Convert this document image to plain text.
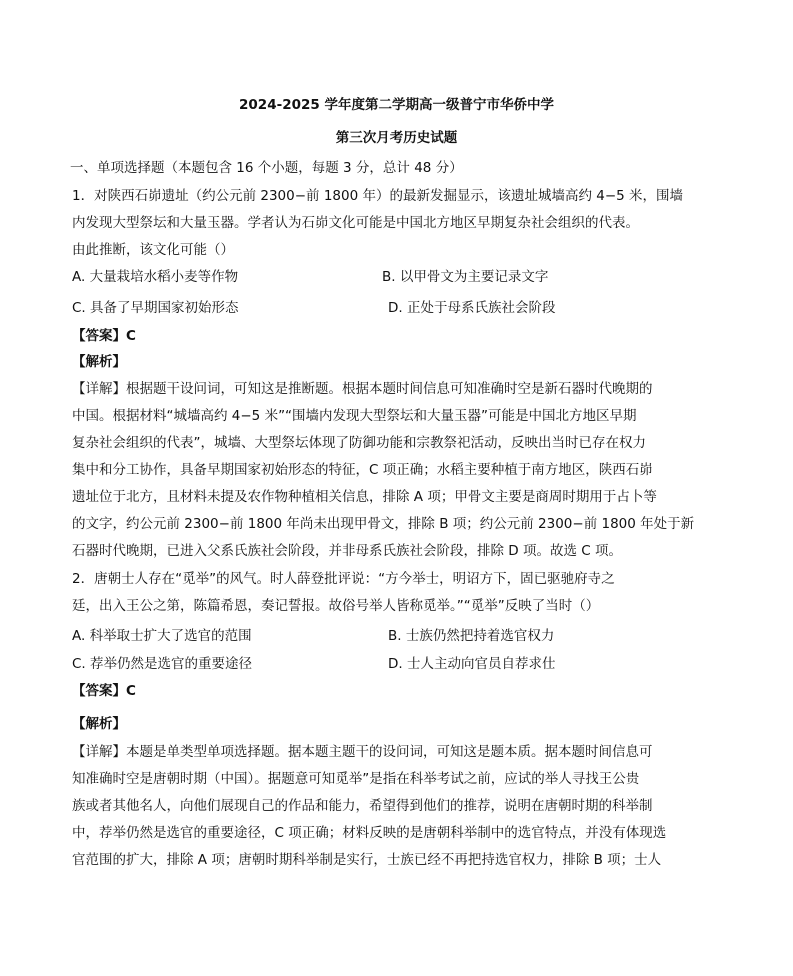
2024-2025 学年度第二学期高一级普宁市华侨中学
第三次月考历史试题
一、单项选择题（本题包含 16 个小题，每题 3 分，总计 48 分）
1．对陕西石峁遗址（约公元前 2300−前 1800 年）的最新发掘显示，该遗址城墙高约 4−5 米，围墙
内发现大型祭坛和大量玉器。学者认为石峁文化可能是中国北方地区早期复杂社会组织的代表。
由此推断，该文化可能（）
A. 大量栽培水稻小麦等作物	B. 以甲骨文为主要记录文字
C. 具备了早期国家初始形态	D. 正处于母系氏族社会阶段
【答案】C
【解析】
【详解】根据题干设问词，可知这是推断题。根据本题时间信息可知准确时空是新石器时代晚期的
中国。根据材料“城墙高约 4−5 米”“围墙内发现大型祭坛和大量玉器”可能是中国北方地区早期
复杂社会组织的代表”，城墙、大型祭坛体现了防御功能和宗教祭祀活动，反映出当时已存在权力
集中和分工协作，具备早期国家初始形态的特征，C 项正确；水稻主要种植于南方地区，陕西石峁
遗址位于北方，且材料未提及农作物种植相关信息，排除 A 项；甲骨文主要是商周时期用于占卜等
的文字，约公元前 2300−前 1800 年尚未出现甲骨文，排除 B 项；约公元前 2300−前 1800 年处于新
石器时代晚期，已进入父系氏族社会阶段，并非母系氏族社会阶段，排除 D 项。故选 C 项。
2．唐朝士人存在“觅举”的风气。时人薛登批评说：“方今举士，明诏方下，固已驱驰府寺之
廷，出入王公之第，陈篇希恩，奏记誓报。故俗号举人皆称觅举。”“觅举”反映了当时（）
A. 科举取士扩大了选官的范围	B. 士族仍然把持着选官权力
C. 荐举仍然是选官的重要途径	D. 士人主动向官员自荐求仕
【答案】C
【解析】
【详解】本题是单类型单项选择题。据本题主题干的设问词，可知这是题本质。据本题时间信息可
知准确时空是唐朝时期（中国）。据题意可知觅举”是指在科举考试之前，应试的举人寻找王公贵
族或者其他名人，向他们展现自己的作品和能力，希望得到他们的推荐，说明在唐朝时期的科举制
中，荐举仍然是选官的重要途径，C 项正确；材料反映的是唐朝科举制中的选官特点，并没有体现选
官范围的扩大，排除 A 项；唐朝时期科举制是实行，士族已经不再把持选官权力，排除 B 项；士人
